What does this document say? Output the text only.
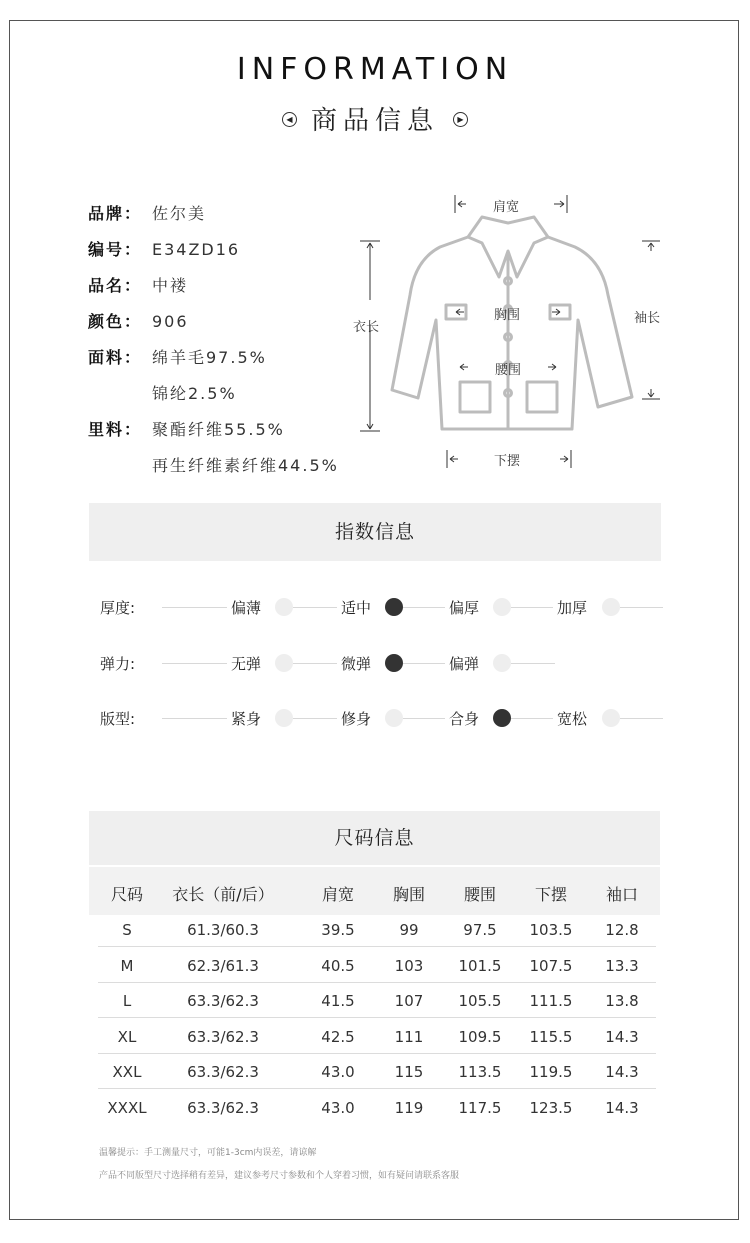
INFORMATION
◀ 商品信息 ▶
品牌： 佐尔美
编号： E34ZD16
品名： 中褛
颜色： 906
面料： 绵羊毛97.5%
锦纶2.5%
里料： 聚酯纤维55.5%
再生纤维素纤维44.5%
肩宽
胸围
腰围
下摆
衣长
袖长
指数信息
厚度:	偏薄	适中	偏厚	加厚
弹力:	无弹	微弹	偏弹
版型:	紧身	修身	合身	宽松
尺码信息
尺码	衣长（前/后）	肩宽	胸围	腰围	下摆	袖口
S	61.3/60.3	39.5	99	97.5	103.5	12.8
M	62.3/61.3	40.5	103	101.5	107.5	13.3
L	63.3/62.3	41.5	107	105.5	111.5	13.8
XL	63.3/62.3	42.5	111	109.5	115.5	14.3
XXL	63.3/62.3	43.0	115	113.5	119.5	14.3
XXXL	63.3/62.3	43.0	119	117.5	123.5	14.3
温馨提示：手工测量尺寸，可能1-3cm内误差，请谅解
产品不同版型尺寸选择稍有差异，建议参考尺寸参数和个人穿着习惯，如有疑问请联系客服
